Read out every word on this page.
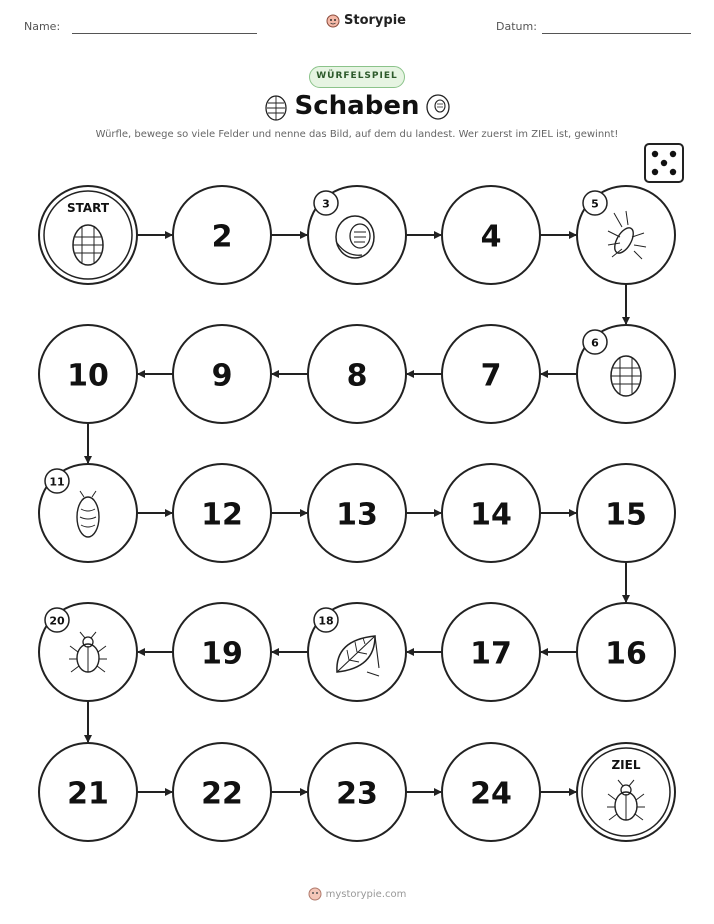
Name:	Storypie	Datum:
WÜRFELSPIEL
Schaben
Würfle, bewege so viele Felder und nenne das Bild, auf dem du landest. Wer zuerst im ZIEL ist, gewinnt!
START
2
3
4
5
6
7
8
9
10
11
12	13	14	15
16
17
18
19
20
21	22	23	24
ZIEL
mystorypie.com
